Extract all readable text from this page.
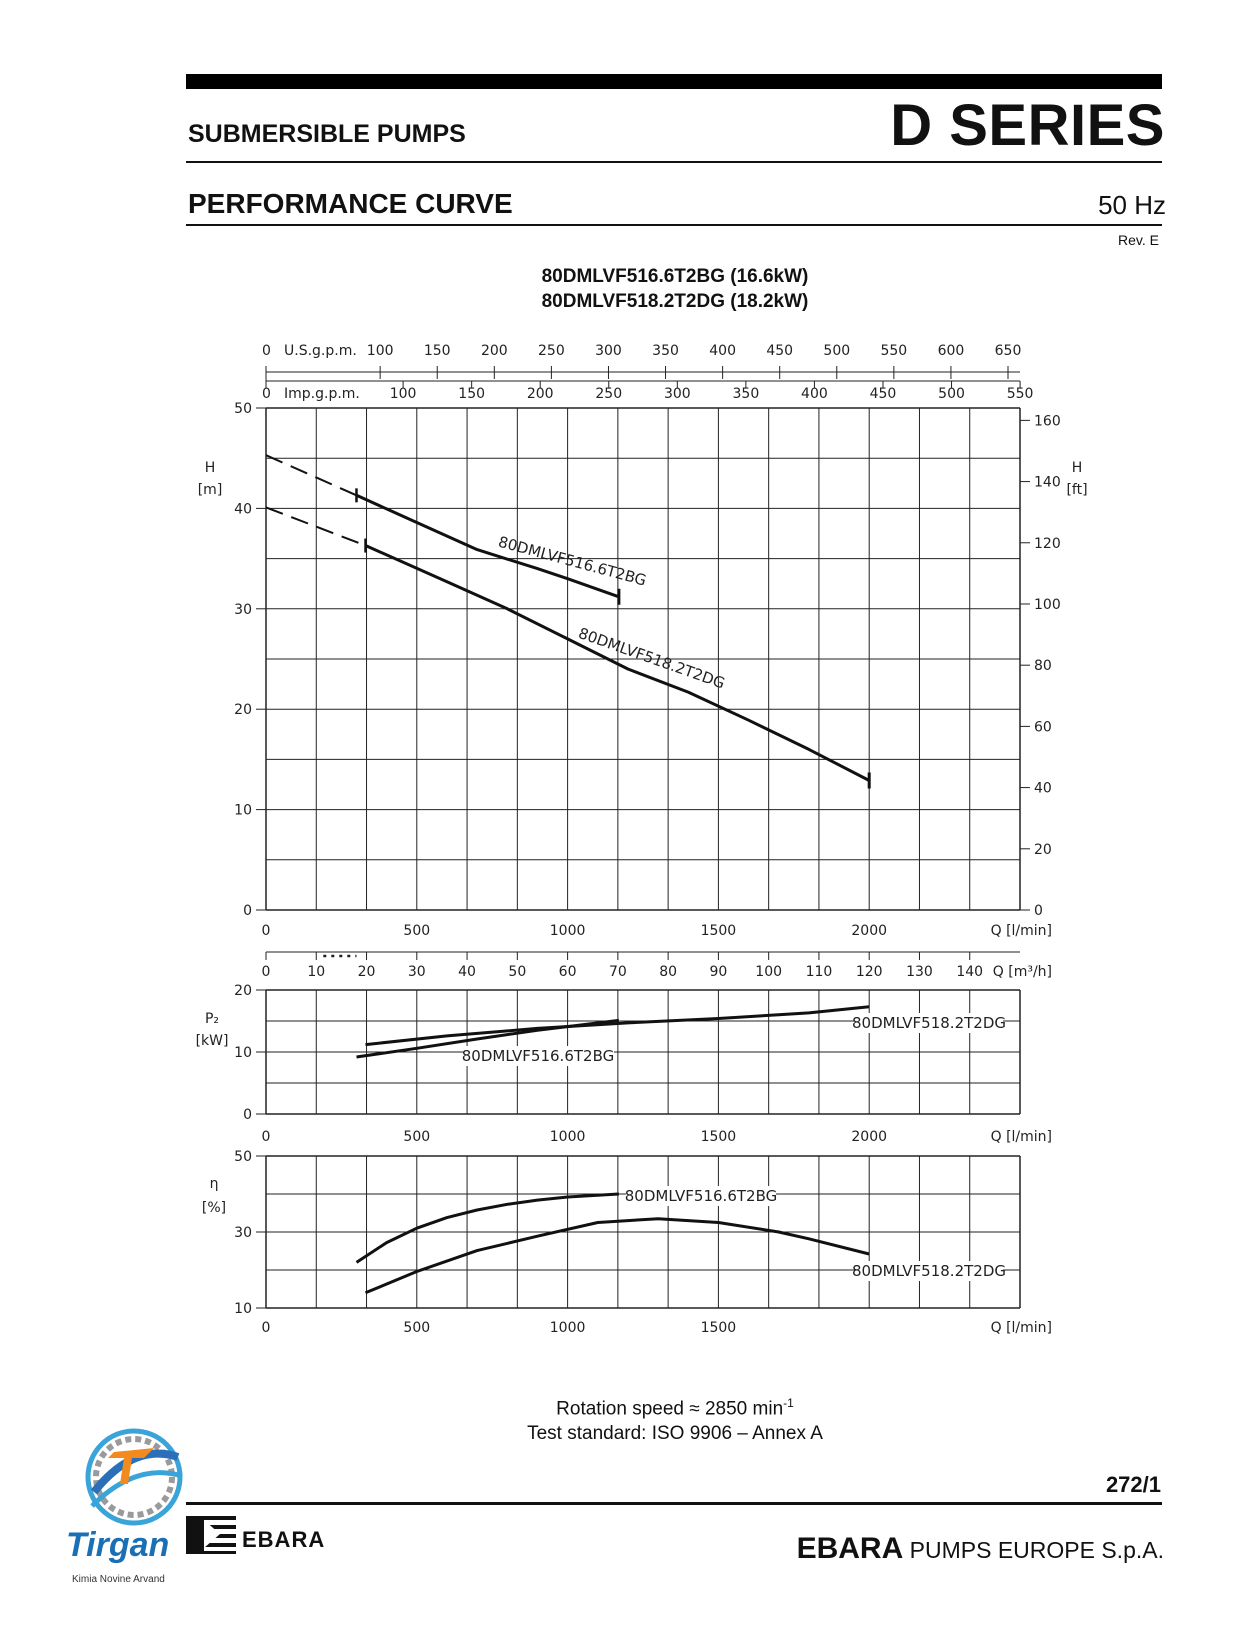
SUBMERSIBLE PUMPS	D SERIES
PERFORMANCE CURVE	50 Hz
Rev. E
80DMLVF516.6T2BG (16.6kW)
80DMLVF518.2T2DG (18.2kW)
0
10
20
30
40
50
0
20
40
60
80
100
120
140
160
H
[m]
H
[ft]
0	500	1000	1500	2000	Q [l/min]
0 U.S.g.p.m. 100 150 200 250 300 350 400 450 500 550 600 650
0 Imp.g.p.m. 100	150	200	250	300	350	400	450	500	550
0	10 20 30 40 50 60 70 80 90 100 110 120 130 140 Q [m³/h]
80DMLVF516.6T2BG
80DMLVF518.2T2DG
0
10
20
0	500	1000	1500	2000	Q [l/min]
P₂
[kW]
80DMLVF516.6T2BG
80DMLVF518.2T2DG
10
30
50
0	500	1000	1500	Q [l/min]
η
[%]
80DMLVF516.6T2BG
80DMLVF518.2T2DG
Rotation speed ≈ 2850 $\min^{-1}$
Test standard: ISO 9906 – Annex A
272/1
EBARA	EBARA PUMPS EUROPE S.p.A.
Tirgan
Kimia Novine Arvand
